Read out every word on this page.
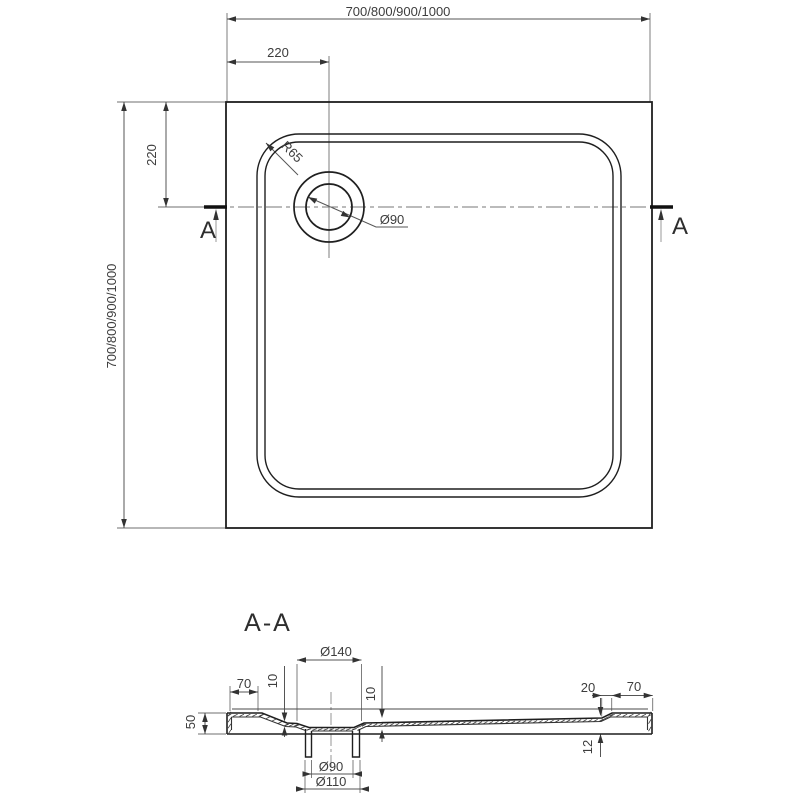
700/800/900/1000
700/800/900/1000
220
220	R65
Ø90
A	A
A-A
Ø140
70 10
10	20 70
50
12
Ø90
Ø110
